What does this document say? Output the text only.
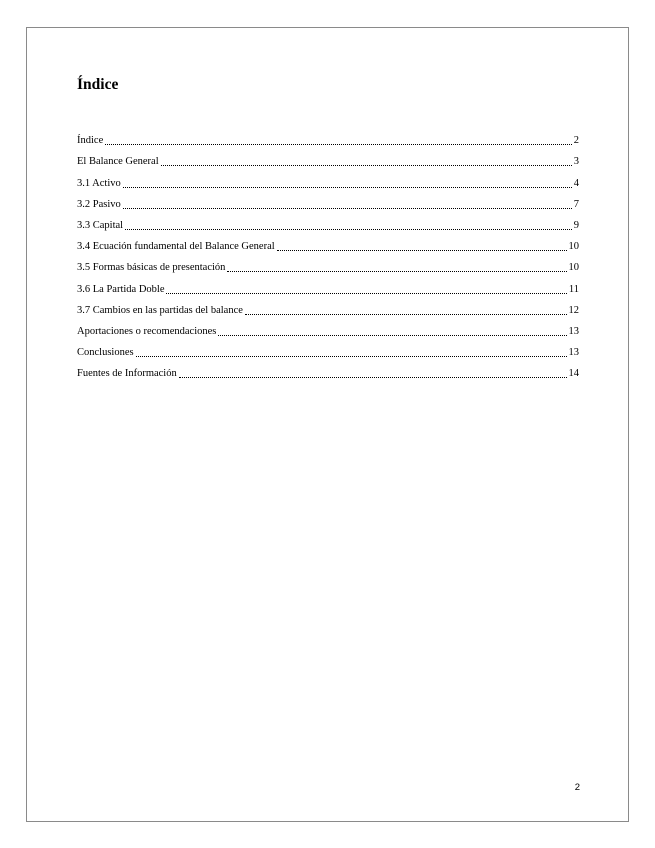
Índice
Índice	2
El Balance General	3
3.1 Activo	4
3.2 Pasivo	7
3.3 Capital	9
3.4 Ecuación fundamental del Balance General	10
3.5 Formas básicas de presentación	10
3.6 La Partida Doble	11
3.7 Cambios en las partidas del balance	12
Aportaciones o recomendaciones	13
Conclusiones	13
Fuentes de Información	14
2
